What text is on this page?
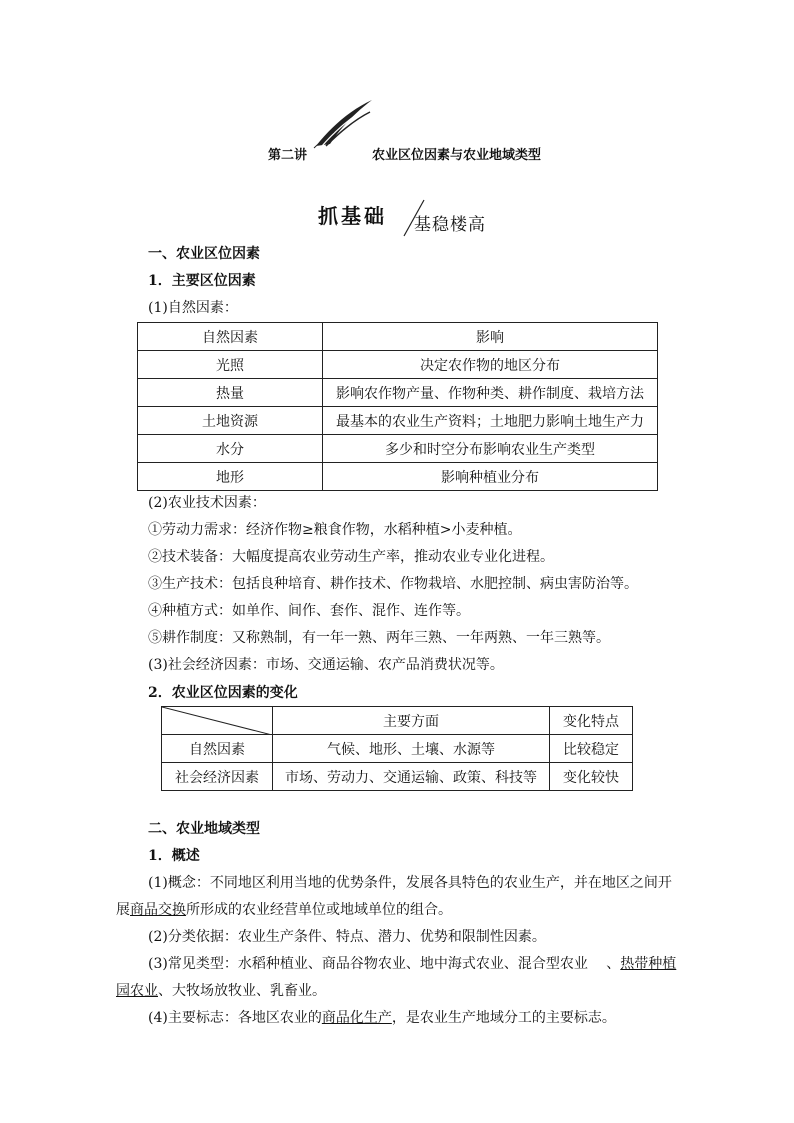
第二讲	农业区位因素与农业地域类型
抓基础 基稳楼高
一、农业区位因素
1．主要区位因素
(1)自然因素：
自然因素	影响
光照	决定农作物的地区分布
热量	影响农作物产量、作物种类、耕作制度、栽培方法
土地资源	最基本的农业生产资料；土地肥力影响土地生产力
水分	多少和时空分布影响农业生产类型
地形	影响种植业分布
(2)农业技术因素：
①劳动力需求：经济作物≥粮食作物，水稻种植>小麦种植。
②技术装备：大幅度提高农业劳动生产率，推动农业专业化进程。
③生产技术：包括良种培育、耕作技术、作物栽培、水肥控制、病虫害防治等。
④种植方式：如单作、间作、套作、混作、连作等。
⑤耕作制度：又称熟制，有一年一熟、两年三熟、一年两熟、一年三熟等。
(3)社会经济因素：市场、交通运输、农产品消费状况等。
2．农业区位因素的变化
	主要方面	变化特点
自然因素	气候、地形、土壤、水源等	比较稳定
社会经济因素	市场、劳动力、交通运输、政策、科技等	变化较快
二、农业地域类型
1．概述
(1)概念：不同地区利用当地的优势条件，发展各具特色的农业生产，并在地区之间开
展商品交换所形成的农业经营单位或地域单位的组合。
(2)分类依据：农业生产条件、特点、潜力、优势和限制性因素。
(3)常见类型：水稻种植业、商品谷物农业、地中海式农业、混合型农业 　、热带种植
园农业、大牧场放牧业、乳畜业。
(4)主要标志：各地区农业的商品化生产，是农业生产地域分工的主要标志。
